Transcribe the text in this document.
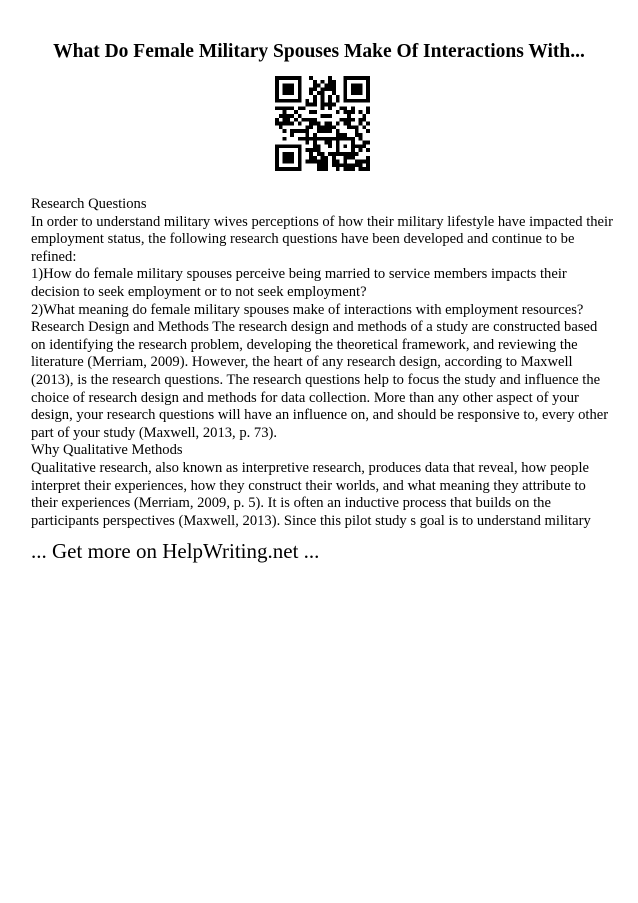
What Do Female Military Spouses Make Of Interactions With...
Research Questions
In order to understand military wives perceptions of how their military lifestyle have impacted their
employment status, the following research questions have been developed and continue to be
refined:
1)How do female military spouses perceive being married to service members impacts their
decision to seek employment or to not seek employment?
2)What meaning do female military spouses make of interactions with employment resources?
Research Design and Methods The research design and methods of a study are constructed based
on identifying the research problem, developing the theoretical framework, and reviewing the
literature (Merriam, 2009). However, the heart of any research design, according to Maxwell
(2013), is the research questions. The research questions help to focus the study and influence the
choice of research design and methods for data collection. More than any other aspect of your
design, your research questions will have an influence on, and should be responsive to, every other
part of your study (Maxwell, 2013, p. 73).
Why Qualitative Methods
Qualitative research, also known as interpretive research, produces data that reveal, how people
interpret their experiences, how they construct their worlds, and what meaning they attribute to
their experiences (Merriam, 2009, p. 5). It is often an inductive process that builds on the
participants perspectives (Maxwell, 2013). Since this pilot study s goal is to understand military
... Get more on HelpWriting.net ...
